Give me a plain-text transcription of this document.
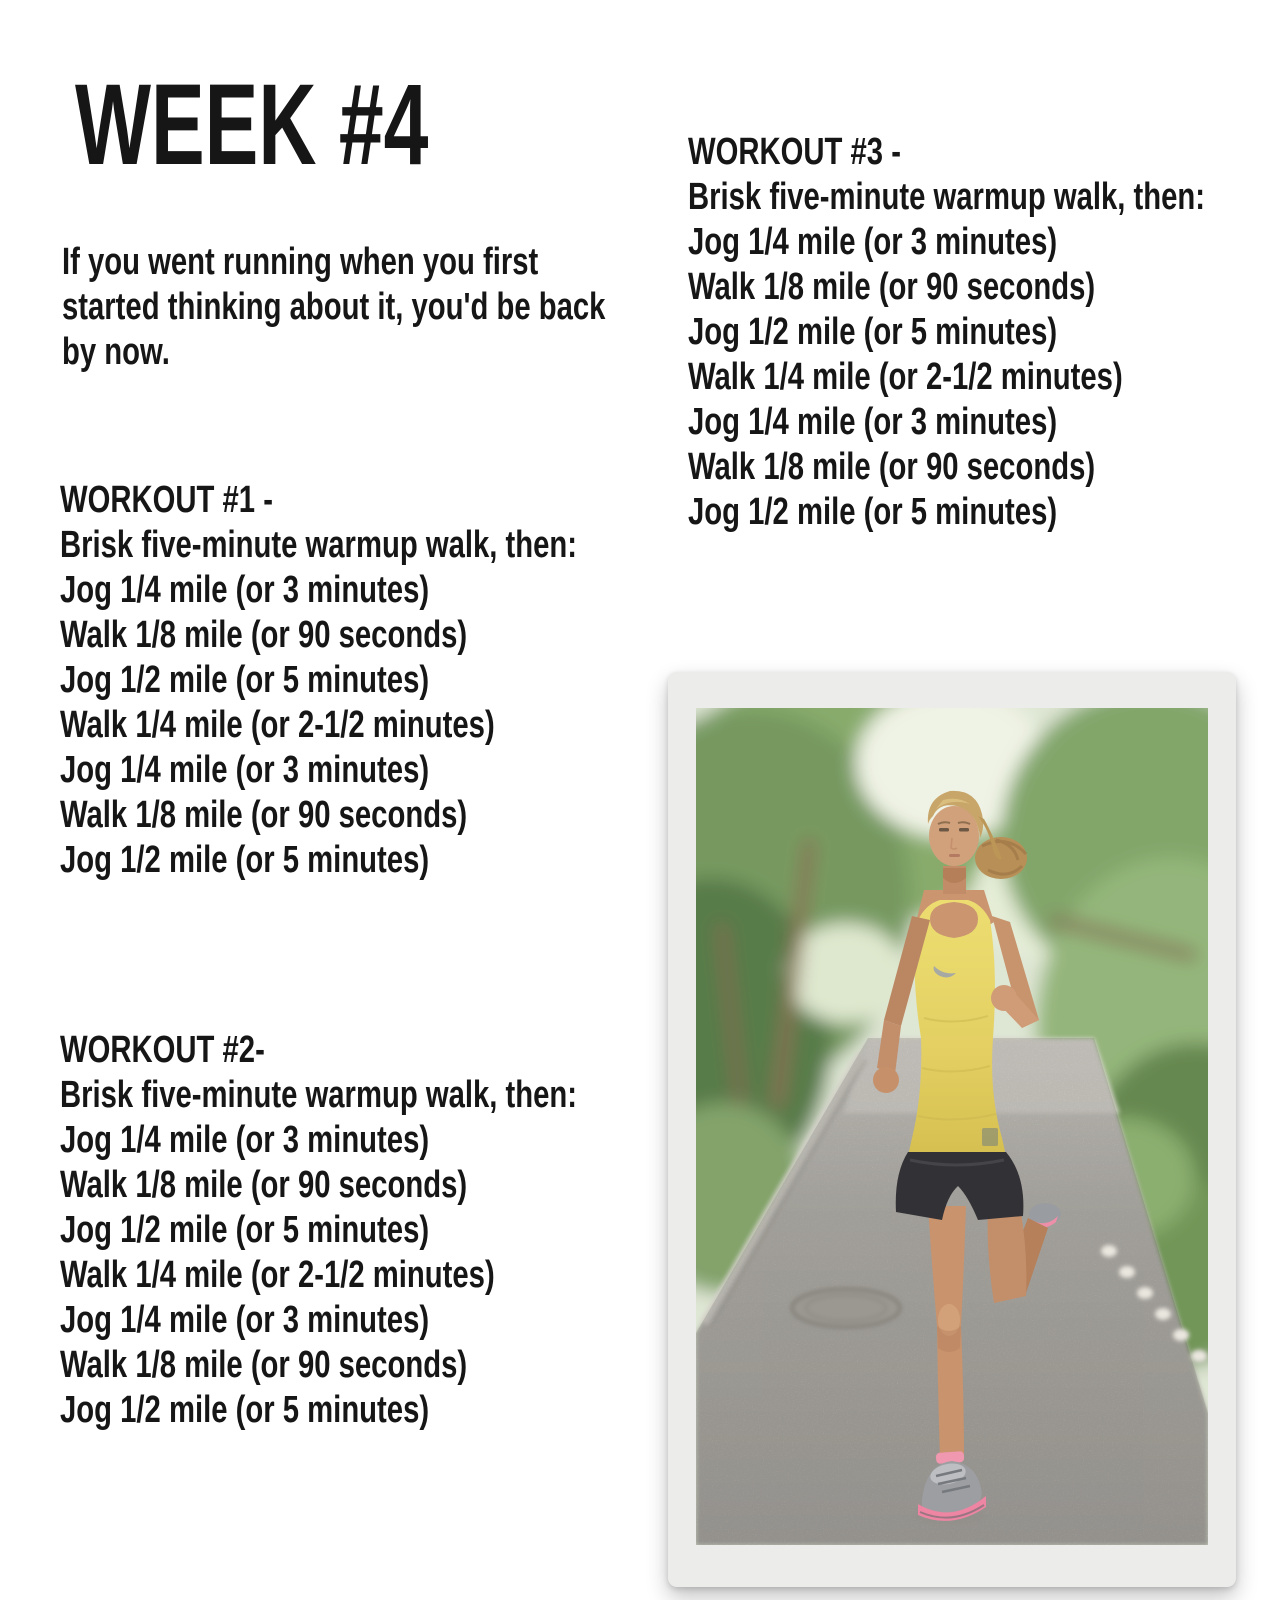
WEEK #4
If you went running when you first
started thinking about it, you'd be back
by now.
WORKOUT #1 -
Brisk five-minute warmup walk, then:
Jog 1/4 mile (or 3 minutes)
Walk 1/8 mile (or 90 seconds)
Jog 1/2 mile (or 5 minutes)
Walk 1/4 mile (or 2-1/2 minutes)
Jog 1/4 mile (or 3 minutes)
Walk 1/8 mile (or 90 seconds)
Jog 1/2 mile (or 5 minutes)
WORKOUT #2-
Brisk five-minute warmup walk, then:
Jog 1/4 mile (or 3 minutes)
Walk 1/8 mile (or 90 seconds)
Jog 1/2 mile (or 5 minutes)
Walk 1/4 mile (or 2-1/2 minutes)
Jog 1/4 mile (or 3 minutes)
Walk 1/8 mile (or 90 seconds)
Jog 1/2 mile (or 5 minutes)
WORKOUT #3 -
Brisk five-minute warmup walk, then:
Jog 1/4 mile (or 3 minutes)
Walk 1/8 mile (or 90 seconds)
Jog 1/2 mile (or 5 minutes)
Walk 1/4 mile (or 2-1/2 minutes)
Jog 1/4 mile (or 3 minutes)
Walk 1/8 mile (or 90 seconds)
Jog 1/2 mile (or 5 minutes)
